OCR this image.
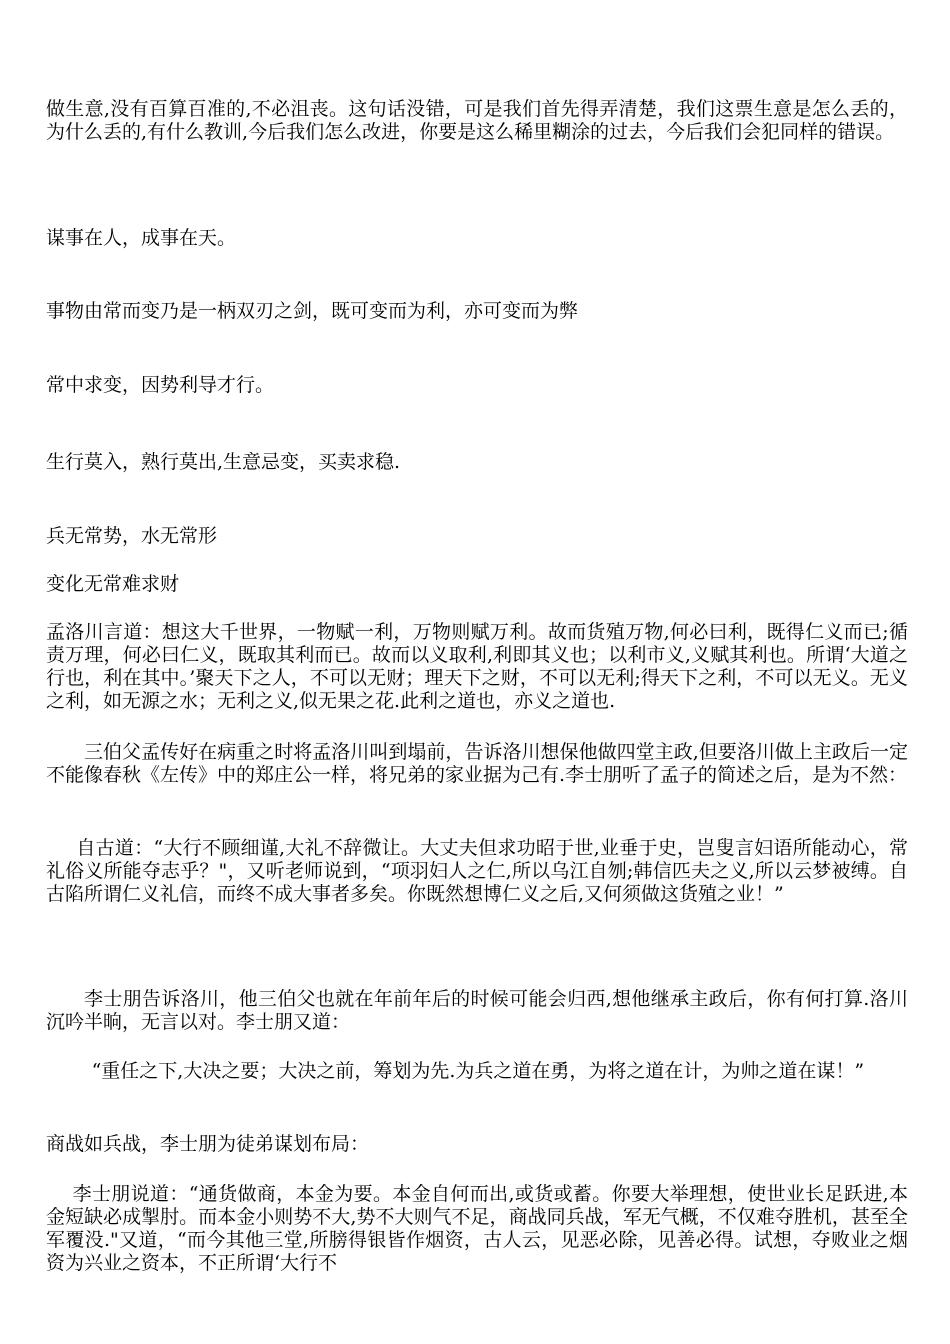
做生意,没有百算百准的,不必沮丧。这句话没错，可是我们首先得弄清楚，我们这票生意是怎么丢的，为什么丢的,有什么教训,今后我们怎么改进，你要是这么稀里糊涂的过去，今后我们会犯同样的错误。

谋事在人，成事在天。

事物由常而变乃是一柄双刃之剑，既可变而为利，亦可变而为弊

常中求变，因势利导才行。

生行莫入，熟行莫出,生意忌变，买卖求稳.

兵无常势，水无常形

变化无常难求财

孟洛川言道：想这大千世界，一物赋一利，万物则赋万利。故而货殖万物,何必曰利，既得仁义而已;循责万理，何必曰仁义，既取其利而已。故而以义取利,利即其义也；以利市义,义赋其利也。所谓‘大道之行也，利在其中。’聚天下之人，不可以无财；理天下之财，不可以无利;得天下之利，不可以无义。无义之利，如无源之水；无利之义,似无果之花.此利之道也，亦义之道也.

三伯父孟传好在病重之时将孟洛川叫到塌前，告诉洛川想保他做四堂主政,但要洛川做上主政后一定不能像春秋《左传》中的郑庄公一样，将兄弟的家业据为己有.李士朋听了孟子的简述之后，是为不然：

自古道：“大行不顾细谨,大礼不辞微让。大丈夫但求功昭于世,业垂于史，岂叟言妇语所能动心，常礼俗义所能夺志乎？"，又听老师说到，“项羽妇人之仁,所以乌江自刎;韩信匹夫之义,所以云梦被缚。自古陷所谓仁义礼信，而终不成大事者多矣。你既然想博仁义之后,又何须做这货殖之业！”

李士朋告诉洛川，他三伯父也就在年前年后的时候可能会归西,想他继承主政后，你有何打算.洛川沉吟半晌，无言以对。李士朋又道：

“重任之下,大决之要；大决之前，筹划为先.为兵之道在勇，为将之道在计，为帅之道在谋！”

商战如兵战，李士朋为徒弟谋划布局：

李士朋说道：“通货做商，本金为要。本金自何而出,或货或蓄。你要大举理想，使世业长足跃进,本金短缺必成掣肘。而本金小则势不大,势不大则气不足，商战同兵战，军无气概，不仅难夺胜机，甚至全军覆没."又道，“而今其他三堂,所膀得银皆作烟资，古人云，见恶必除，见善必得。试想，夺败业之烟资为兴业之资本，不正所谓‘大行不
